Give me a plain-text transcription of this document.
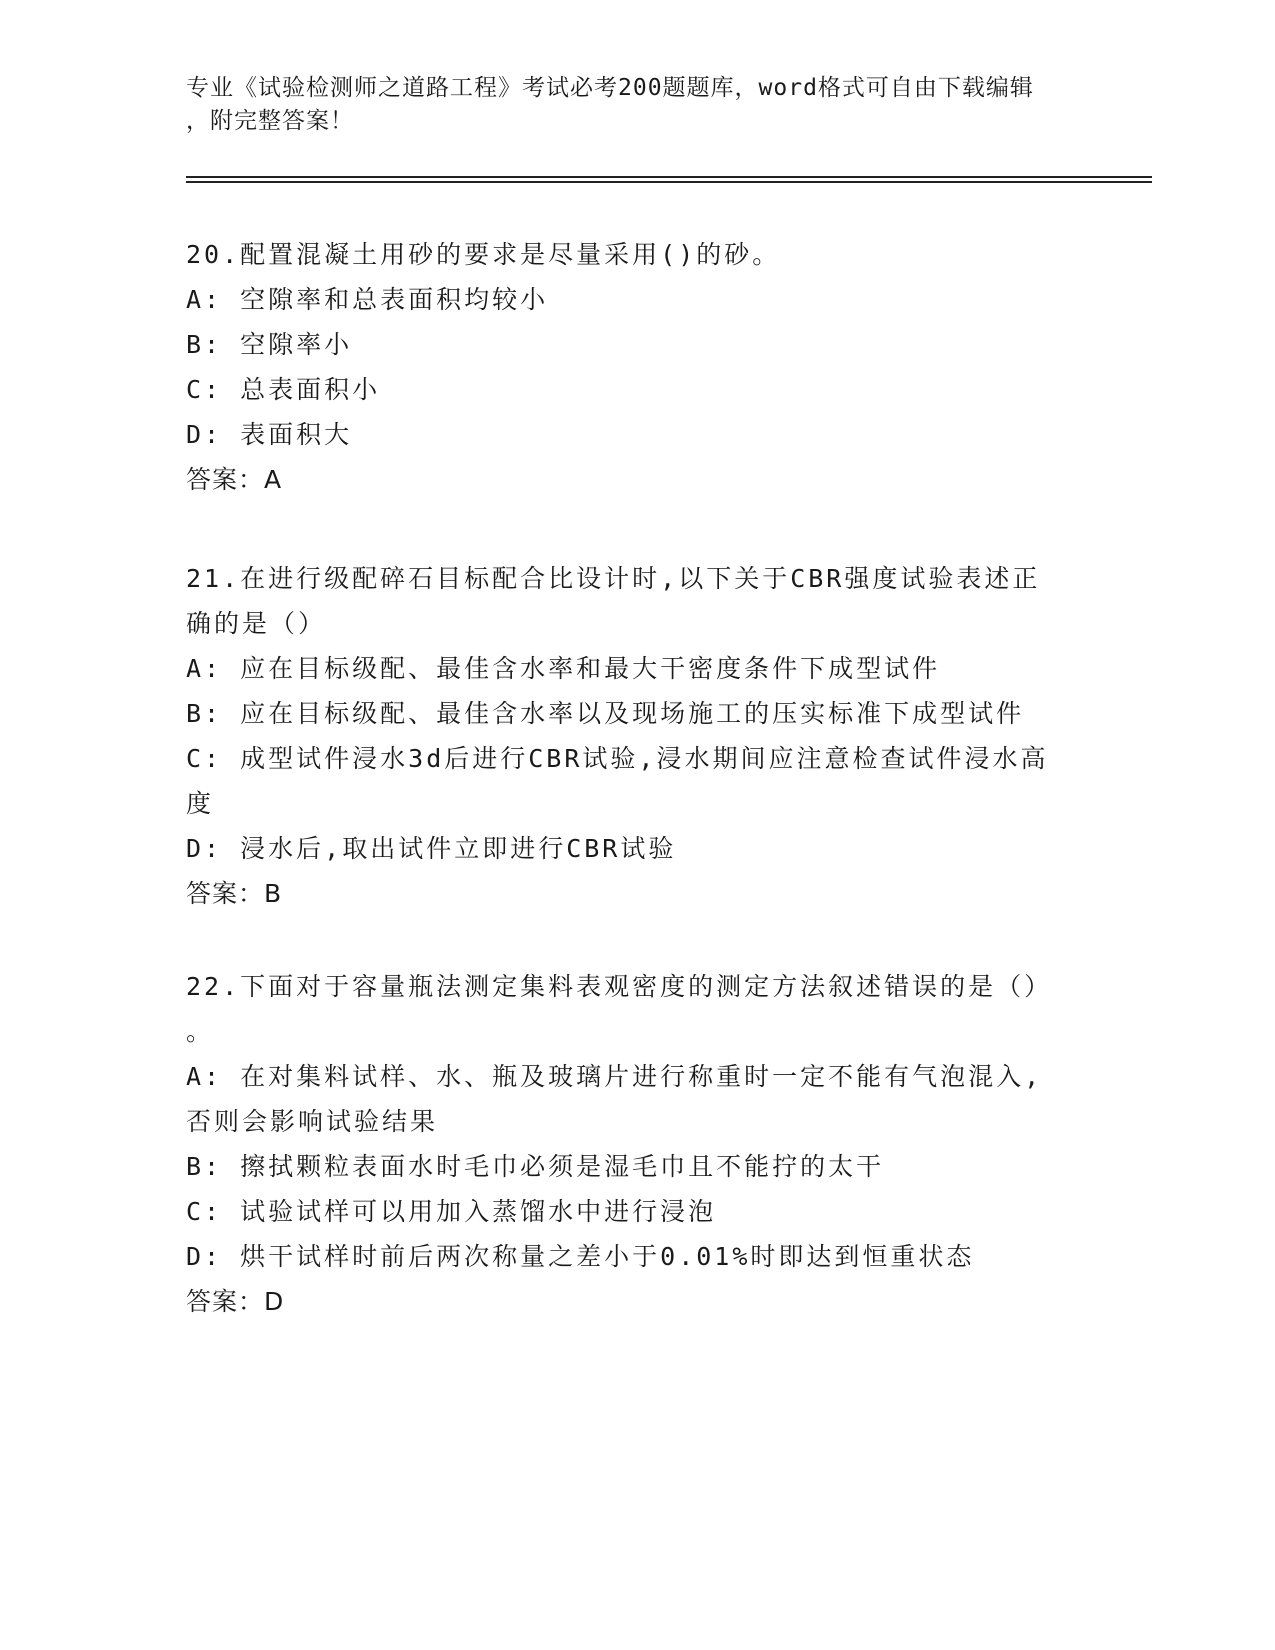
专业《试验检测师之道路工程》考试必考200题题库，word格式可自由下载编辑
，附完整答案！
20.配置混凝土用砂的要求是尽量采用()的砂。
A: 空隙率和总表面积均较小
B: 空隙率小
C: 总表面积小
D: 表面积大
答案：A
21.在进行级配碎石目标配合比设计时,以下关于CBR强度试验表述正
确的是（）
A: 应在目标级配、最佳含水率和最大干密度条件下成型试件
B: 应在目标级配、最佳含水率以及现场施工的压实标准下成型试件
C: 成型试件浸水3d后进行CBR试验,浸水期间应注意检查试件浸水高
度
D: 浸水后,取出试件立即进行CBR试验
答案：B
22.下面对于容量瓶法测定集料表观密度的测定方法叙述错误的是（）
。
A: 在对集料试样、水、瓶及玻璃片进行称重时一定不能有气泡混入,
否则会影响试验结果
B: 擦拭颗粒表面水时毛巾必须是湿毛巾且不能拧的太干
C: 试验试样可以用加入蒸馏水中进行浸泡
D: 烘干试样时前后两次称量之差小于0.01%时即达到恒重状态
答案：D
